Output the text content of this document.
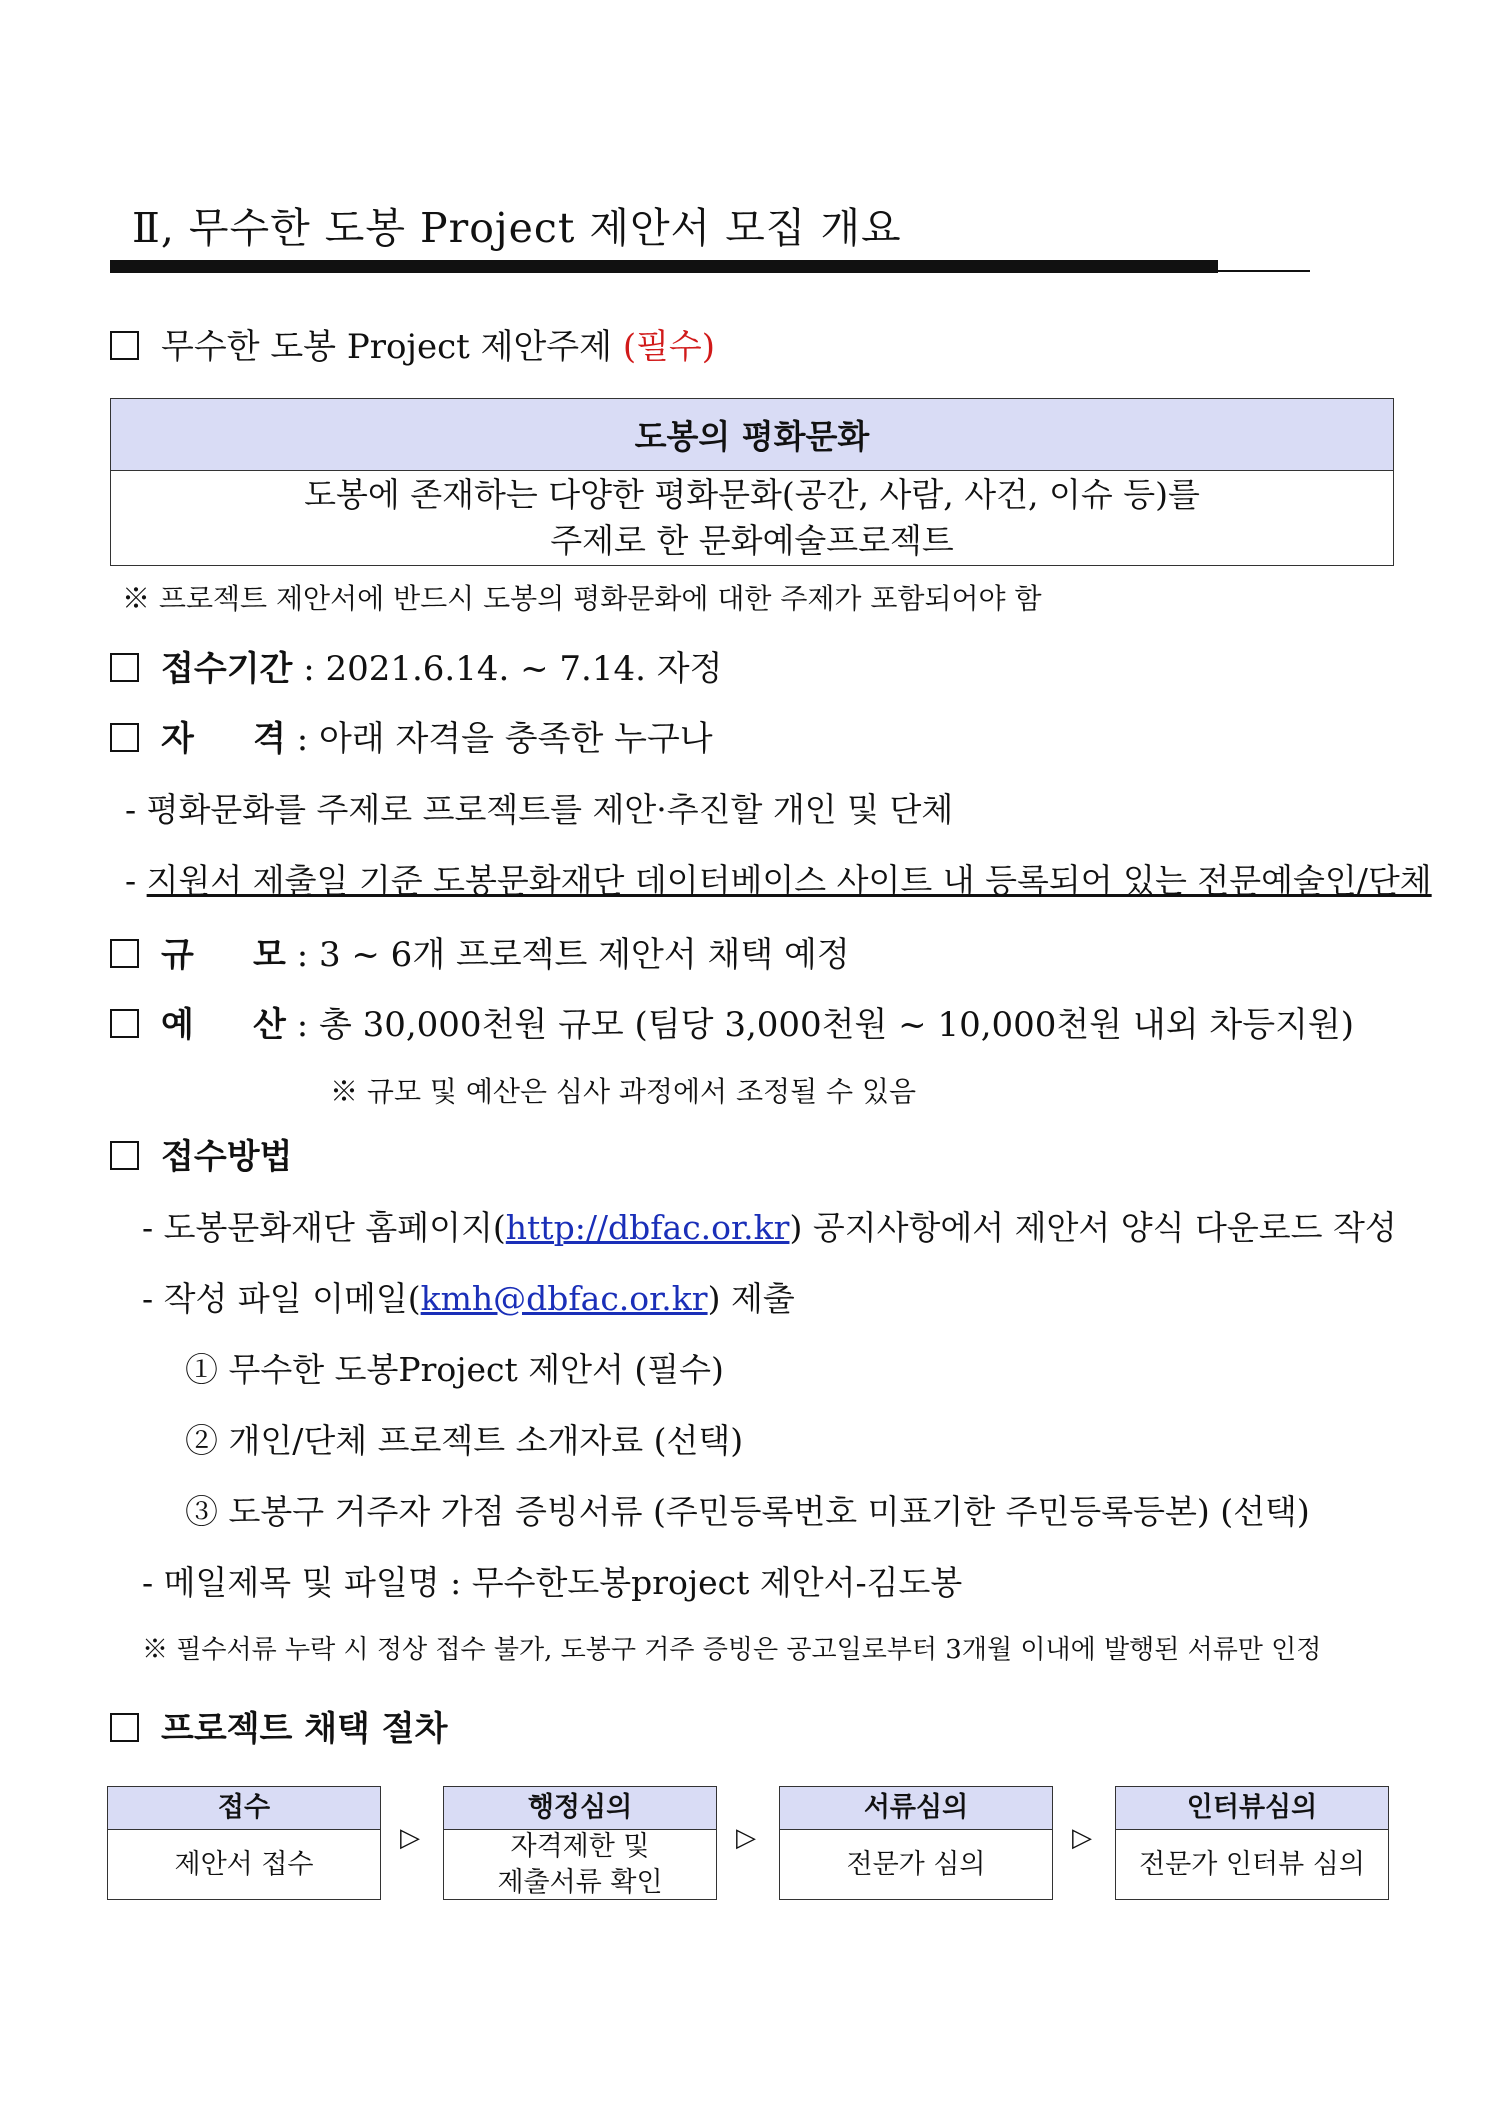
Ⅱ, 무수한 도봉 Project 제안서 모집 개요
무수한 도봉 Project 제안주제 (필수)
도봉의 평화문화

도봉에 존재하는 다양한 평화문화(공간, 사람, 사건, 이슈 등)를
주제로 한 문화예술프로젝트
※ 프로젝트 제안서에 반드시 도봉의 평화문화에 대한 주제가 포함되어야 함
접수기간 : 2021.6.14. ~ 7.14. 자정
자     격 : 아래 자격을 충족한 누구나
- 평화문화를 주제로 프로젝트를 제안·추진할 개인 및 단체
- 지원서 제출일 기준 도봉문화재단 데이터베이스 사이트 내 등록되어 있는 전문예술인/단체
규     모 : 3 ~ 6개 프로젝트 제안서 채택 예정
예     산 : 총 30,000천원 규모 (팀당 3,000천원 ~ 10,000천원 내외 차등지원)
※ 규모 및 예산은 심사 과정에서 조정될 수 있음
접수방법
- 도봉문화재단 홈페이지(http://dbfac.or.kr) 공지사항에서 제안서 양식 다운로드 작성
- 작성 파일 이메일(kmh@dbfac.or.kr) 제출
① 무수한 도봉Project 제안서 (필수)
② 개인/단체 프로젝트 소개자료 (선택)
③ 도봉구 거주자 가점 증빙서류 (주민등록번호 미표기한 주민등록등본) (선택)
- 메일제목 및 파일명 : 무수한도봉project 제안서-김도봉
※ 필수서류 누락 시 정상 접수 불가, 도봉구 거주 증빙은 공고일로부터 3개월 이내에 발행된 서류만 인정
프로젝트 채택 절차
접수
제안서 접수
▷
행정심의
자격제한 및
제출서류 확인
▷
서류심의
전문가 심의
▷
인터뷰심의
전문가 인터뷰 심의
